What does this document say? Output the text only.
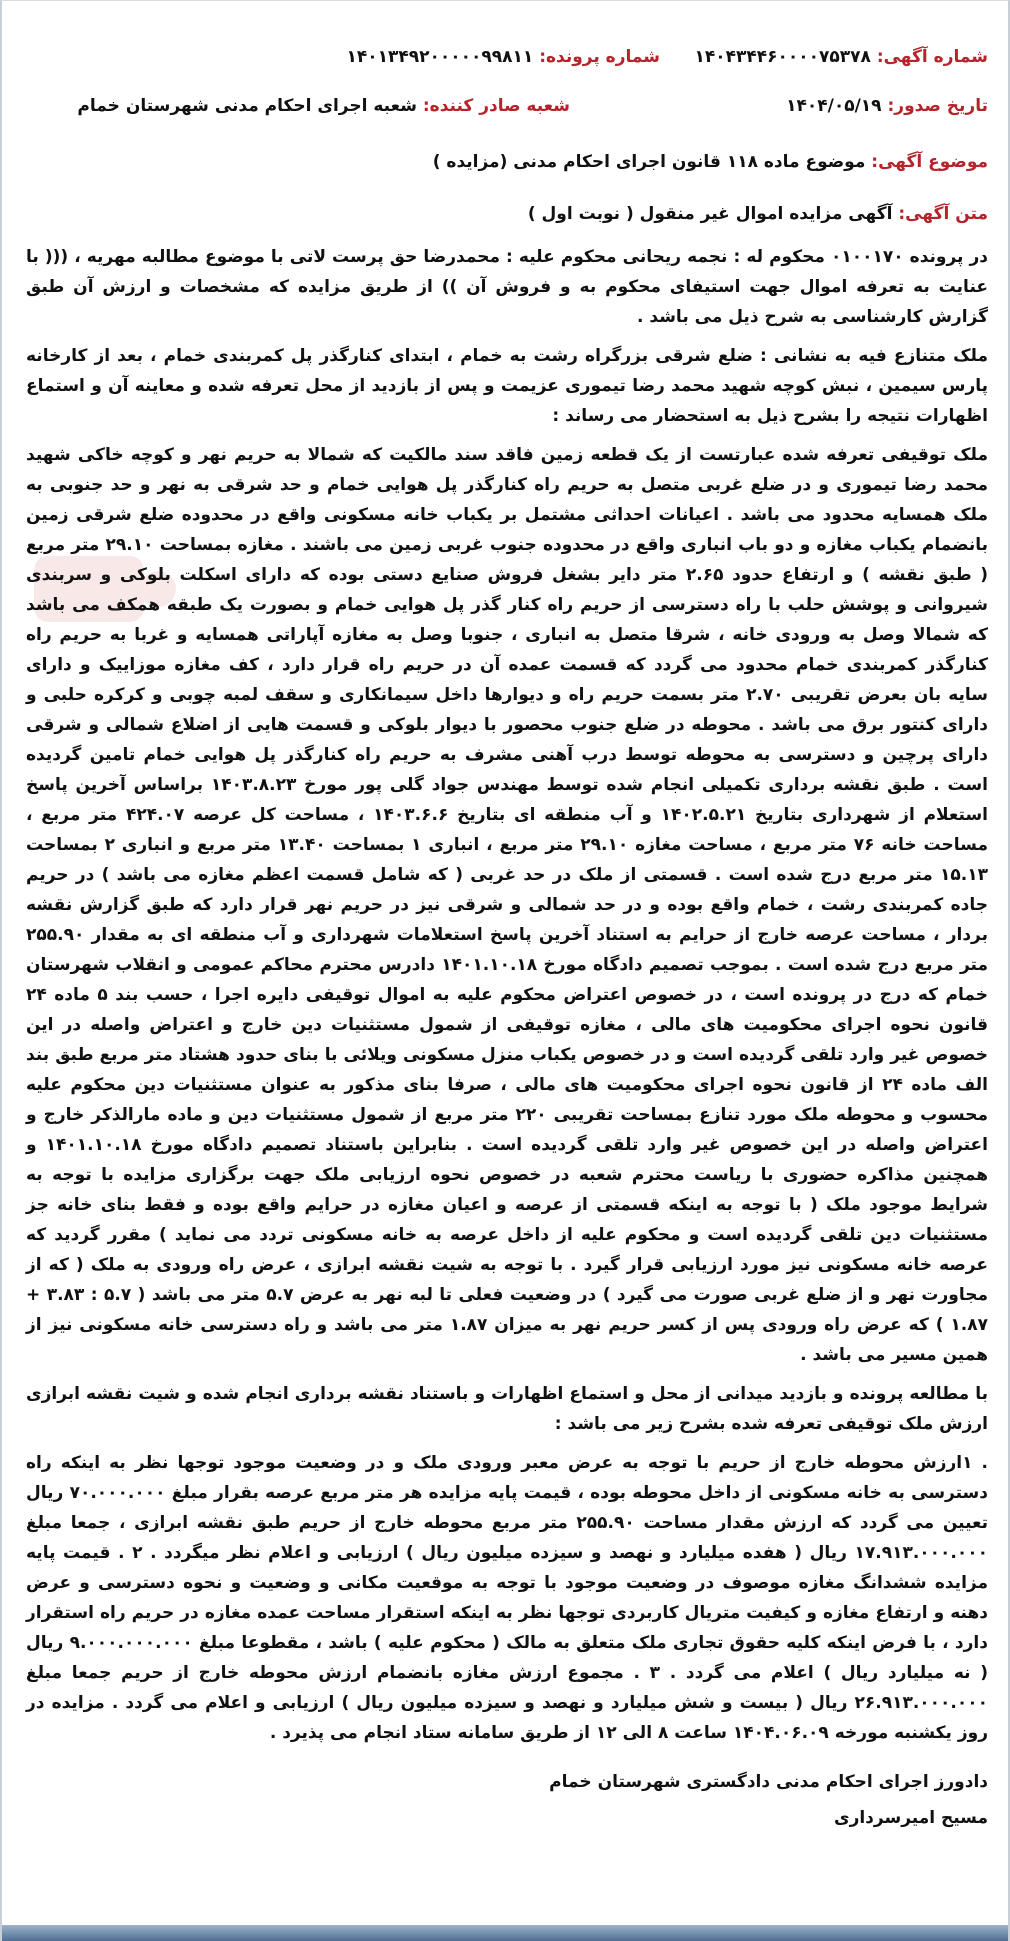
شماره آگهی: ۱۴۰۴۳۴۴۶۰۰۰۰۷۵۳۷۸
شماره پرونده: ۱۴۰۱۳۴۹۲۰۰۰۰۰۹۹۸۱۱
تاریخ صدور: ۱۴۰۴/۰۵/۱۹
شعبه صادر کننده: شعبه اجرای احکام مدنی شهرستان خمام
موضوع آگهی: موضوع ماده ۱۱۸ قانون اجرای احکام مدنی (مزایده )
متن آگهی: آگهی مزایده اموال غیر منقول ( نوبت اول )

در پرونده ۰۱۰۰۱۷۰ محکوم له : نجمه ریحانی محکوم علیه : محمدرضا حق پرست لاتی با موضوع مطالبه مهریه ، ((( با عنایت به تعرفه اموال جهت استیفای محکوم به و فروش آن )) از طریق مزایده که مشخصات و ارزش آن طبق گزارش کارشناسی به شرح ذیل می باشد .

ملک متنازع فیه به نشانی : ضلع شرقی بزرگراه رشت به خمام ، ابتدای کنارگذر پل کمربندی خمام ، بعد از کارخانه پارس سیمین ، نبش کوچه شهید محمد رضا تیموری عزیمت و پس از بازدید از محل تعرفه شده و معاینه آن و استماع اظهارات نتیجه را بشرح ذیل به استحضار می رساند :

ملک توقیفی تعرفه شده عبارتست از یک قطعه زمین فاقد سند مالکیت که شمالا به حریم نهر و کوچه خاکی شهید محمد رضا تیموری و در ضلع غربی متصل به حریم راه کنارگذر پل هوایی خمام و حد شرقی به نهر و حد جنوبی به ملک همسایه محدود می باشد . اعیانات احداثی مشتمل بر یکباب خانه مسکونی واقع در محدوده ضلع شرقی زمین بانضمام یکباب مغازه و دو باب انباری واقع در محدوده جنوب غربی زمین می باشند . مغازه بمساحت ۲۹.۱۰ متر مربع ( طبق نقشه ) و ارتفاع حدود ۲.۶۵ متر دایر بشغل فروش صنایع دستی بوده که دارای اسکلت بلوکی و سربندی شیروانی و پوشش حلب با راه دسترسی از حریم راه کنار گذر پل هوایی خمام و بصورت یک طبقه همکف می باشد که شمالا وصل به ورودی خانه ، شرقا متصل به انباری ، جنوبا وصل به مغازه آپاراتی همسایه و غربا به حریم راه کنارگذر کمربندی خمام محدود می گردد که قسمت عمده آن در حریم راه قرار دارد ، کف مغازه موزاییک و دارای سایه بان بعرض تقریبی ۲.۷۰ متر بسمت حریم راه و دیوارها داخل سیمانکاری و سقف لمبه چوبی و کرکره حلبی و دارای کنتور برق می باشد . محوطه در ضلع جنوب محصور با دیوار بلوکی و قسمت هایی از اضلاع شمالی و شرقی دارای پرچین و دسترسی به محوطه توسط درب آهنی مشرف به حریم راه کنارگذر پل هوایی خمام تامین گردیده است . طبق نقشه برداری تکمیلی انجام شده توسط مهندس جواد گلی پور مورخ ۱۴۰۳.۸.۲۳ براساس آخرین پاسخ استعلام از شهرداری بتاریخ ۱۴۰۲.۵.۲۱ و آب منطقه ای بتاریخ ۱۴۰۳.۶.۶ ، مساحت کل عرصه ۴۲۴.۰۷ متر مربع ، مساحت خانه ۷۶ متر مربع ، مساحت مغازه ۲۹.۱۰ متر مربع ، انباری ۱ بمساحت ۱۳.۴۰ متر مربع و انباری ۲ بمساحت ۱۵.۱۳ متر مربع درج شده است . قسمتی از ملک در حد غربی ( که شامل قسمت اعظم مغازه می باشد ) در حریم جاده کمربندی رشت ، خمام واقع بوده و در حد شمالی و شرقی نیز در حریم نهر قرار دارد که طبق گزارش نقشه بردار ، مساحت عرصه خارج از حرایم به استناد آخرین پاسخ استعلامات شهرداری و آب منطقه ای به مقدار ۲۵۵.۹۰ متر مربع درج شده است . بموجب تصمیم دادگاه مورخ ۱۴۰۱.۱۰.۱۸ دادرس محترم محاکم عمومی و انقلاب شهرستان خمام که درج در پرونده است ، در خصوص اعتراض محکوم علیه به اموال توقیفی دایره اجرا ، حسب بند ۵ ماده ۲۴ قانون نحوه اجرای محکومیت های مالی ، مغازه توقیفی از شمول مستثنیات دین خارج و اعتراض واصله در این خصوص غیر وارد تلقی گردیده است و در خصوص یکباب منزل مسکونی ویلائی با بنای حدود هشتاد متر مربع طبق بند الف ماده ۲۴ از قانون نحوه اجرای محکومیت های مالی ، صرفا بنای مذکور به عنوان مستثنیات دین محکوم علیه محسوب و محوطه ملک مورد تنازع بمساحت تقریبی ۲۲۰ متر مربع از شمول مستثنیات دین و ماده مارالذکر خارج و اعتراض واصله در این خصوص غیر وارد تلقی گردیده است . بنابراین باستناد تصمیم دادگاه مورخ ۱۴۰۱.۱۰.۱۸ و همچنین مذاکره حضوری با ریاست محترم شعبه در خصوص نحوه ارزیابی ملک جهت برگزاری مزایده با توجه به شرایط موجود ملک ( با توجه به اینکه قسمتی از عرصه و اعیان مغازه در حرایم واقع بوده و فقط بنای خانه جز مستثنیات دین تلقی گردیده است و محکوم علیه از داخل عرصه به خانه مسکونی تردد می نماید ) مقرر گردید که عرصه خانه مسکونی نیز مورد ارزیابی قرار گیرد . با توجه به شیت نقشه ابرازی ، عرض راه ورودی به ملک ( که از مجاورت نهر و از ضلع غربی صورت می گیرد ) در وضعیت فعلی تا لبه نهر به عرض ۵.۷ متر می باشد ( ۵.۷ : ۳.۸۳ + ۱.۸۷ ) که عرض راه ورودی پس از کسر حریم نهر به میزان ۱.۸۷ متر می باشد و راه دسترسی خانه مسکونی نیز از همین مسیر می باشد .

با مطالعه پرونده و بازدید میدانی از محل و استماع اظهارات و باستناد نقشه برداری انجام شده و شیت نقشه ابرازی ارزش ملک توقیفی تعرفه شده بشرح زیر می باشد :

. ۱ارزش محوطه خارج از حریم با توجه به عرض معبر ورودی ملک و در وضعیت موجود توجها نظر به اینکه راه دسترسی به خانه مسکونی از داخل محوطه بوده ، قیمت پایه مزایده هر متر مربع عرصه بقرار مبلغ ۷۰.۰۰۰.۰۰۰ ریال تعیین می گردد که ارزش مقدار مساحت ۲۵۵.۹۰ متر مربع محوطه خارج از حریم طبق نقشه ابرازی ، جمعا مبلغ ۱۷.۹۱۳.۰۰۰.۰۰۰ ریال ( هفده میلیارد و نهصد و سیزده میلیون ریال ) ارزیابی و اعلام نظر میگردد . ۲ . قیمت پایه مزایده ششدانگ مغازه موصوف در وضعیت موجود با توجه به موقعیت مکانی و وضعیت و نحوه دسترسی و عرض دهنه و ارتفاع مغازه و کیفیت متریال کاربردی توجها نظر به اینکه استقرار مساحت عمده مغازه در حریم راه استقرار دارد ، با فرض اینکه کلیه حقوق تجاری ملک متعلق به مالک ( محکوم علیه ) باشد ، مقطوعا مبلغ ۹.۰۰۰.۰۰۰.۰۰۰ ریال ( نه میلیارد ریال ) اعلام می گردد . ۳ . مجموع ارزش مغازه بانضمام ارزش محوطه خارج از حریم جمعا مبلغ ۲۶.۹۱۳.۰۰۰.۰۰۰ ریال ( بیست و شش میلیارد و نهصد و سیزده میلیون ریال ) ارزیابی و اعلام می گردد . مزایده در روز یکشنبه مورخه ۱۴۰۴.۰۶.۰۹ ساعت ۸ الی ۱۲ از طریق سامانه ستاد انجام می پذیرد .

دادورز اجرای احکام مدنی دادگستری شهرستان خمام
مسیح امیرسرداری
